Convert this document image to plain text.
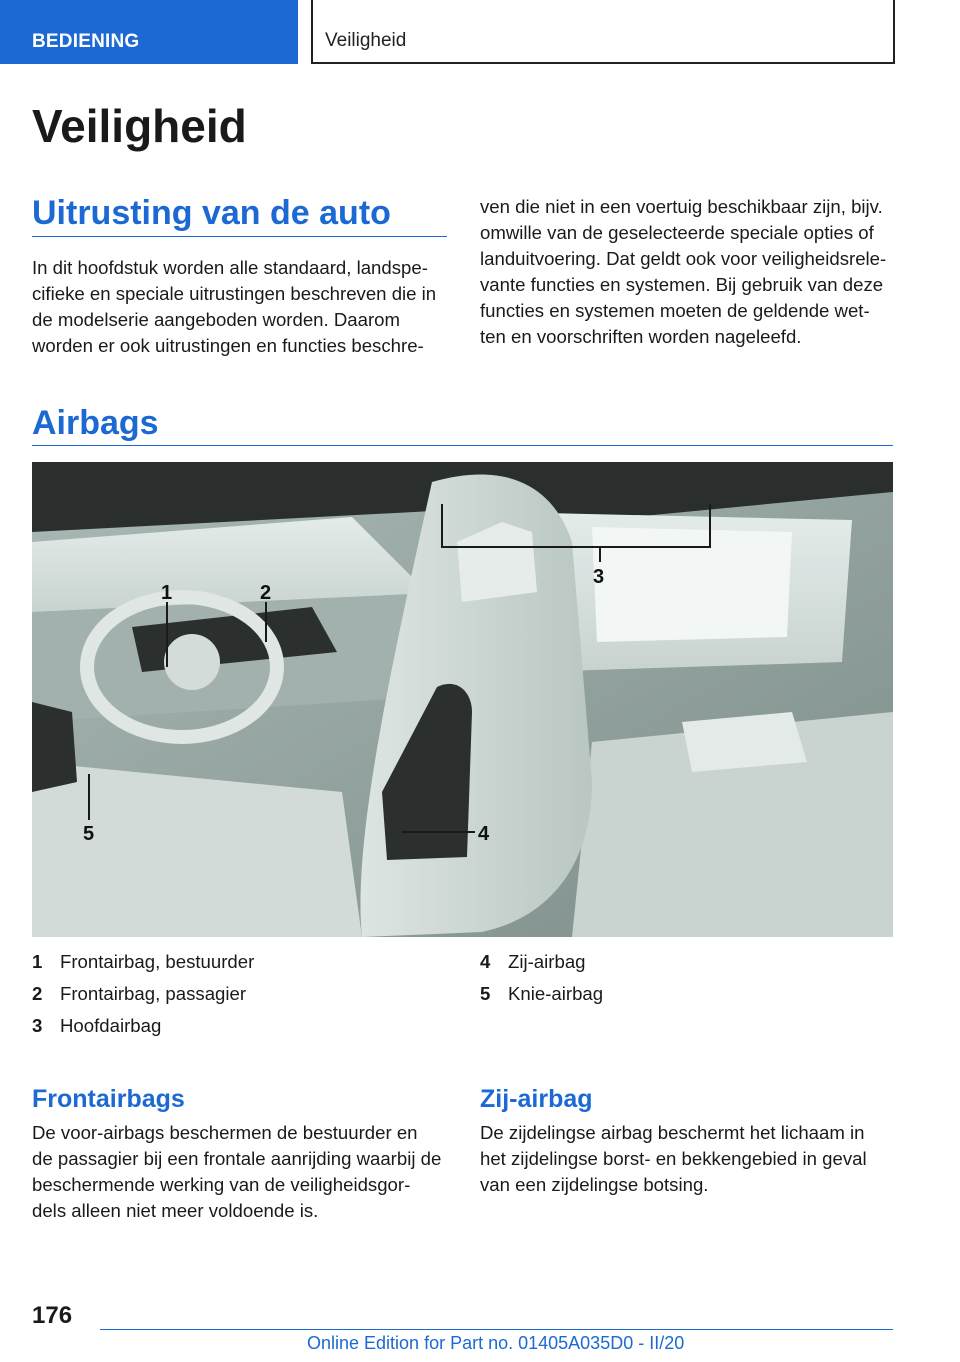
BEDIENING	Veiligheid
Veiligheid
Uitrusting van de auto

In dit hoofdstuk worden alle standaard, landspe-
cifieke en speciale uitrustingen beschreven die in
de modelserie aangeboden worden. Daarom
worden er ook uitrustingen en functies beschre-

ven die niet in een voertuig beschikbaar zijn, bijv.
omwille van de geselecteerde speciale opties of
landuitvoering. Dat geldt ook voor veiligheidsrele-
vante functies en systemen. Bij gebruik van deze
functies en systemen moeten de geldende wet-
ten en voorschriften worden nageleefd.

Airbags
1	2
3
4
5
1 Frontairbag, bestuurder
2 Frontairbag, passagier
3 Hoofdairbag
4 Zij-airbag
5 Knie-airbag
Frontairbags

De voor-airbags beschermen de bestuurder en
de passagier bij een frontale aanrijding waarbij de
beschermende werking van de veiligheidsgor-
dels alleen niet meer voldoende is.

Zij-airbag

De zijdelingse airbag beschermt het lichaam in
het zijdelingse borst- en bekkengebied in geval
van een zijdelingse botsing.

176
Online Edition for Part no. 01405A035D0 - II/20
